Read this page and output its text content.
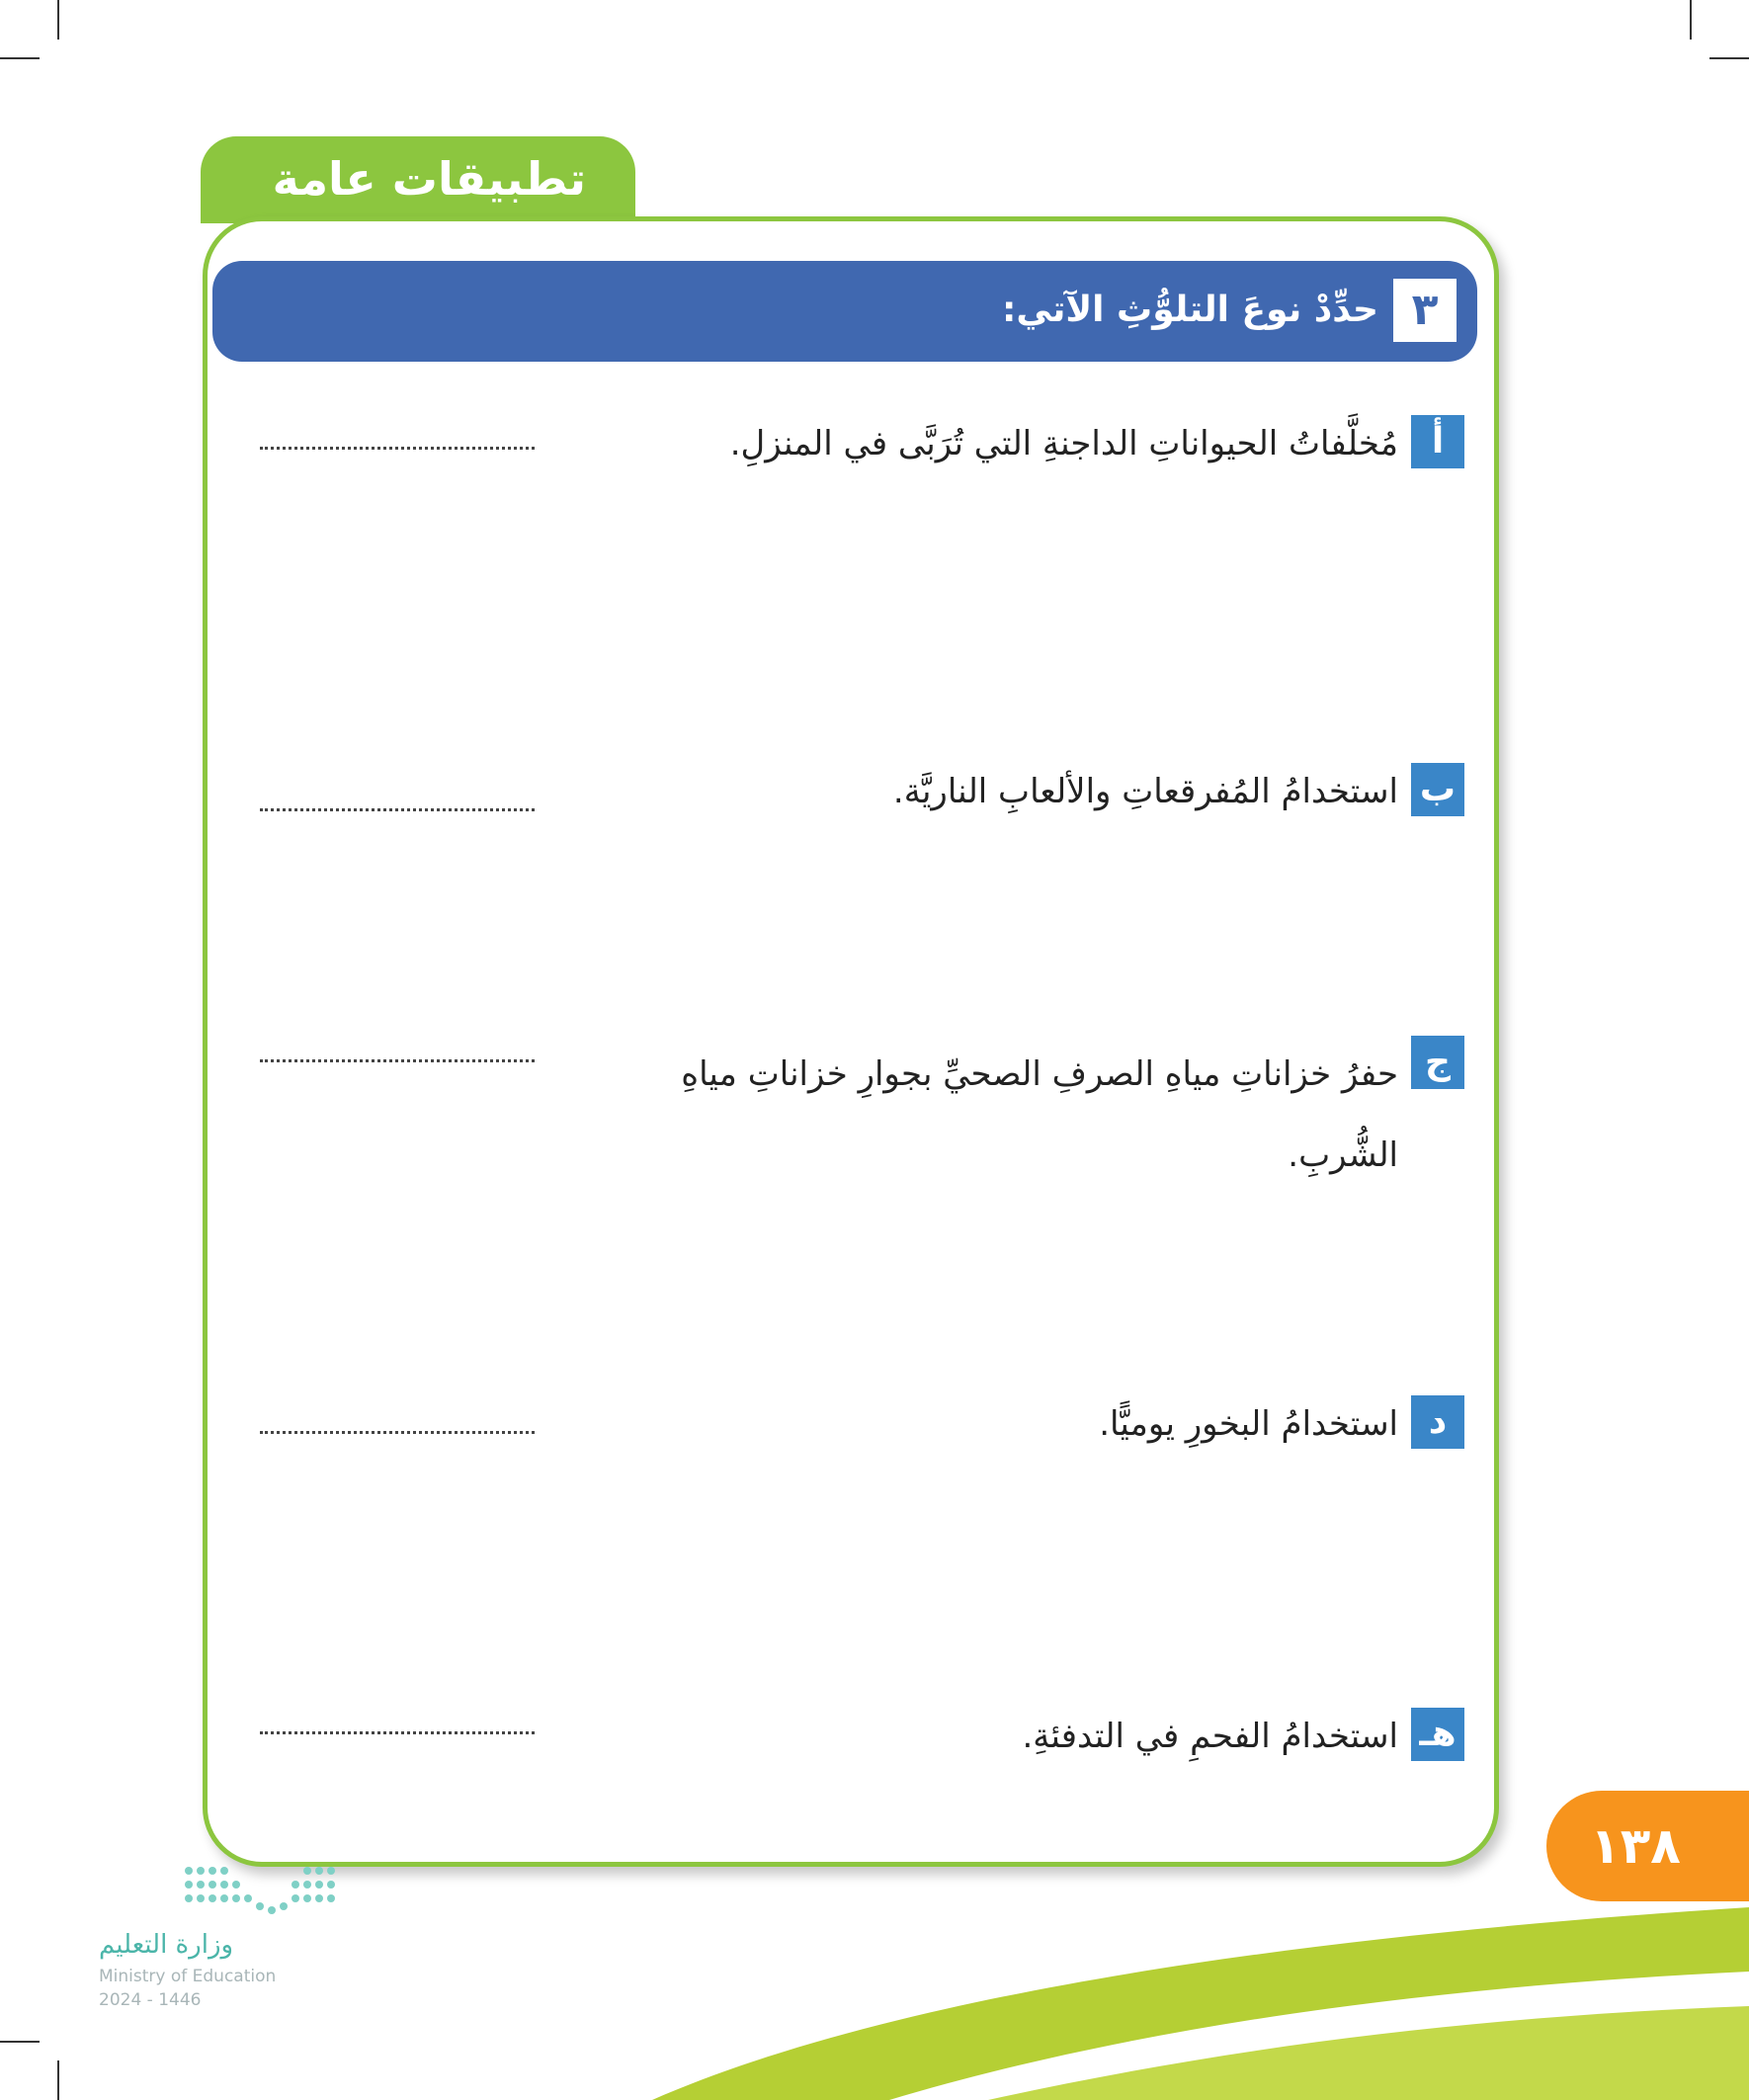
تطبيقات عامة
٣
حدِّدْ نوعَ التلوُّثِ الآتي:
أ
مُخلَّفاتُ الحيواناتِ الداجنةِ التي تُرَبَّى في المنزلِ.
ب
استخدامُ المُفرقعاتِ والألعابِ الناريَّة.
ج
حفرُ خزاناتِ مياهِ الصرفِ الصحيِّ بجوارِ خزاناتِ مياهِ الشُّربِ.
د
استخدامُ البخورِ يوميًّا.
هـ
استخدامُ الفحمِ في التدفئةِ.
١٣٨
وزارة التعليم
Ministry of Education
2024 - 1446
